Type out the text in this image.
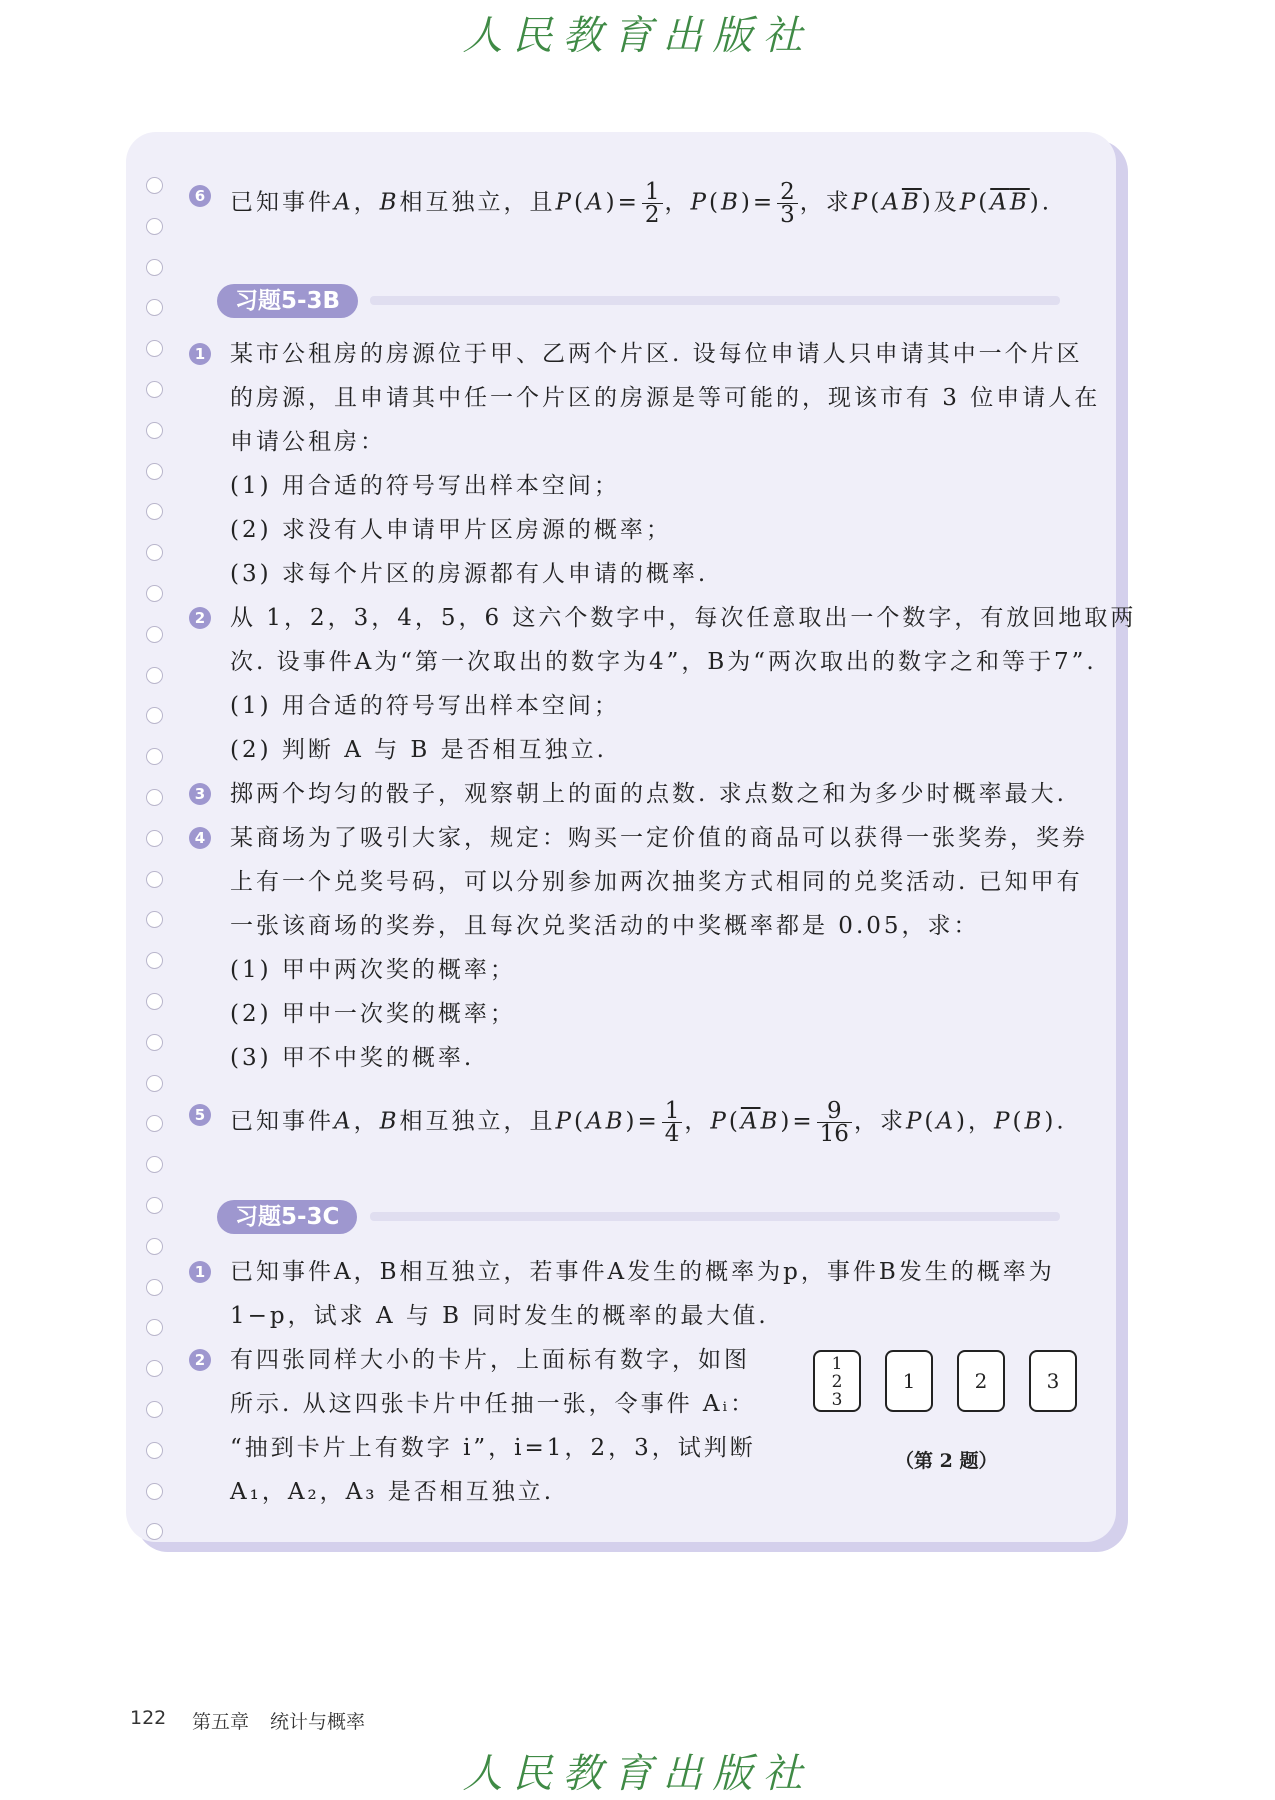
人民教育出版社
6 已知事件A，B相互独立，且$P(A)= \frac{1}{2}$ ，$P(B)= \frac{2}{3}$ ，求$P(A\overline{B})$及$P(\overline{A}\overline{B})$.
习题5-3B
1 某市公租房的房源位于甲、乙两个片区. 设每位申请人只申请其中一个片区
的房源，且申请其中任一个片区的房源是等可能的，现该市有 3 位申请人在
申请公租房：
(1) 用合适的符号写出样本空间；
(2) 求没有人申请甲片区房源的概率；
(3) 求每个片区的房源都有人申请的概率.
2 从 1，2，3，4，5，6 这六个数字中，每次任意取出一个数字，有放回地取两
次. 设事件A为“第一次取出的数字为4”，B为“两次取出的数字之和等于7”.
(1) 用合适的符号写出样本空间；
(2) 判断 A 与 B 是否相互独立.
3 掷两个均匀的骰子，观察朝上的面的点数. 求点数之和为多少时概率最大.
4 某商场为了吸引大家，规定：购买一定价值的商品可以获得一张奖券，奖券
上有一个兑奖号码，可以分别参加两次抽奖方式相同的兑奖活动. 已知甲有
一张该商场的奖券，且每次兑奖活动的中奖概率都是 0.05，求：
(1) 甲中两次奖的概率；
(2) 甲中一次奖的概率；
(3) 甲不中奖的概率.
5 已知事件A，B相互独立，且$P(AB)= \frac{1}{4}$ ，$P(\overline{A}B)= \frac{9}{16}$ ，求P(A)，P(B).
习题5-3C
1 已知事件A，B相互独立，若事件A发生的概率为p，事件B发生的概率为
1−p，试求 A 与 B 同时发生的概率的最大值.
2 有四张同样大小的卡片，上面标有数字，如图
所示. 从这四张卡片中任抽一张，令事件 Aᵢ：
“抽到卡片上有数字 i”，i=1，2，3，试判断
A₁，A₂，A₃ 是否相互独立.
1 2 3
1	2	3
（第 2 题）
122 第五章 统计与概率
人民教育出版社
